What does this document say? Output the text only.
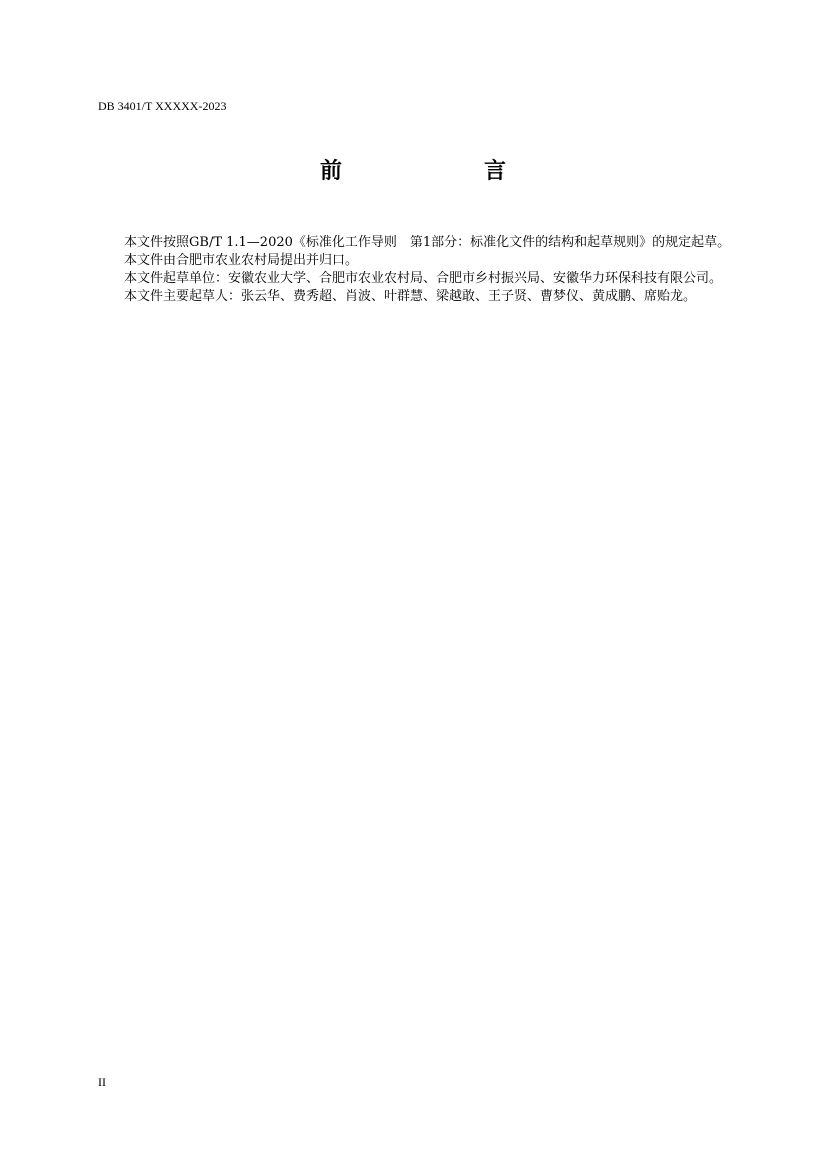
DB 3401/T XXXXX-2023
前　言

本文件按照GB/T 1.1—2020《标准化工作导则　第1部分：标准化文件的结构和起草规则》的规定起草。

本文件由合肥市农业农村局提出并归口。

本文件起草单位：安徽农业大学、合肥市农业农村局、合肥市乡村振兴局、安徽华力环保科技有限公司。

本文件主要起草人：张云华、费秀超、肖波、叶群慧、梁越敢、王子贤、曹梦仪、黄成鹏、席贻龙。

II
